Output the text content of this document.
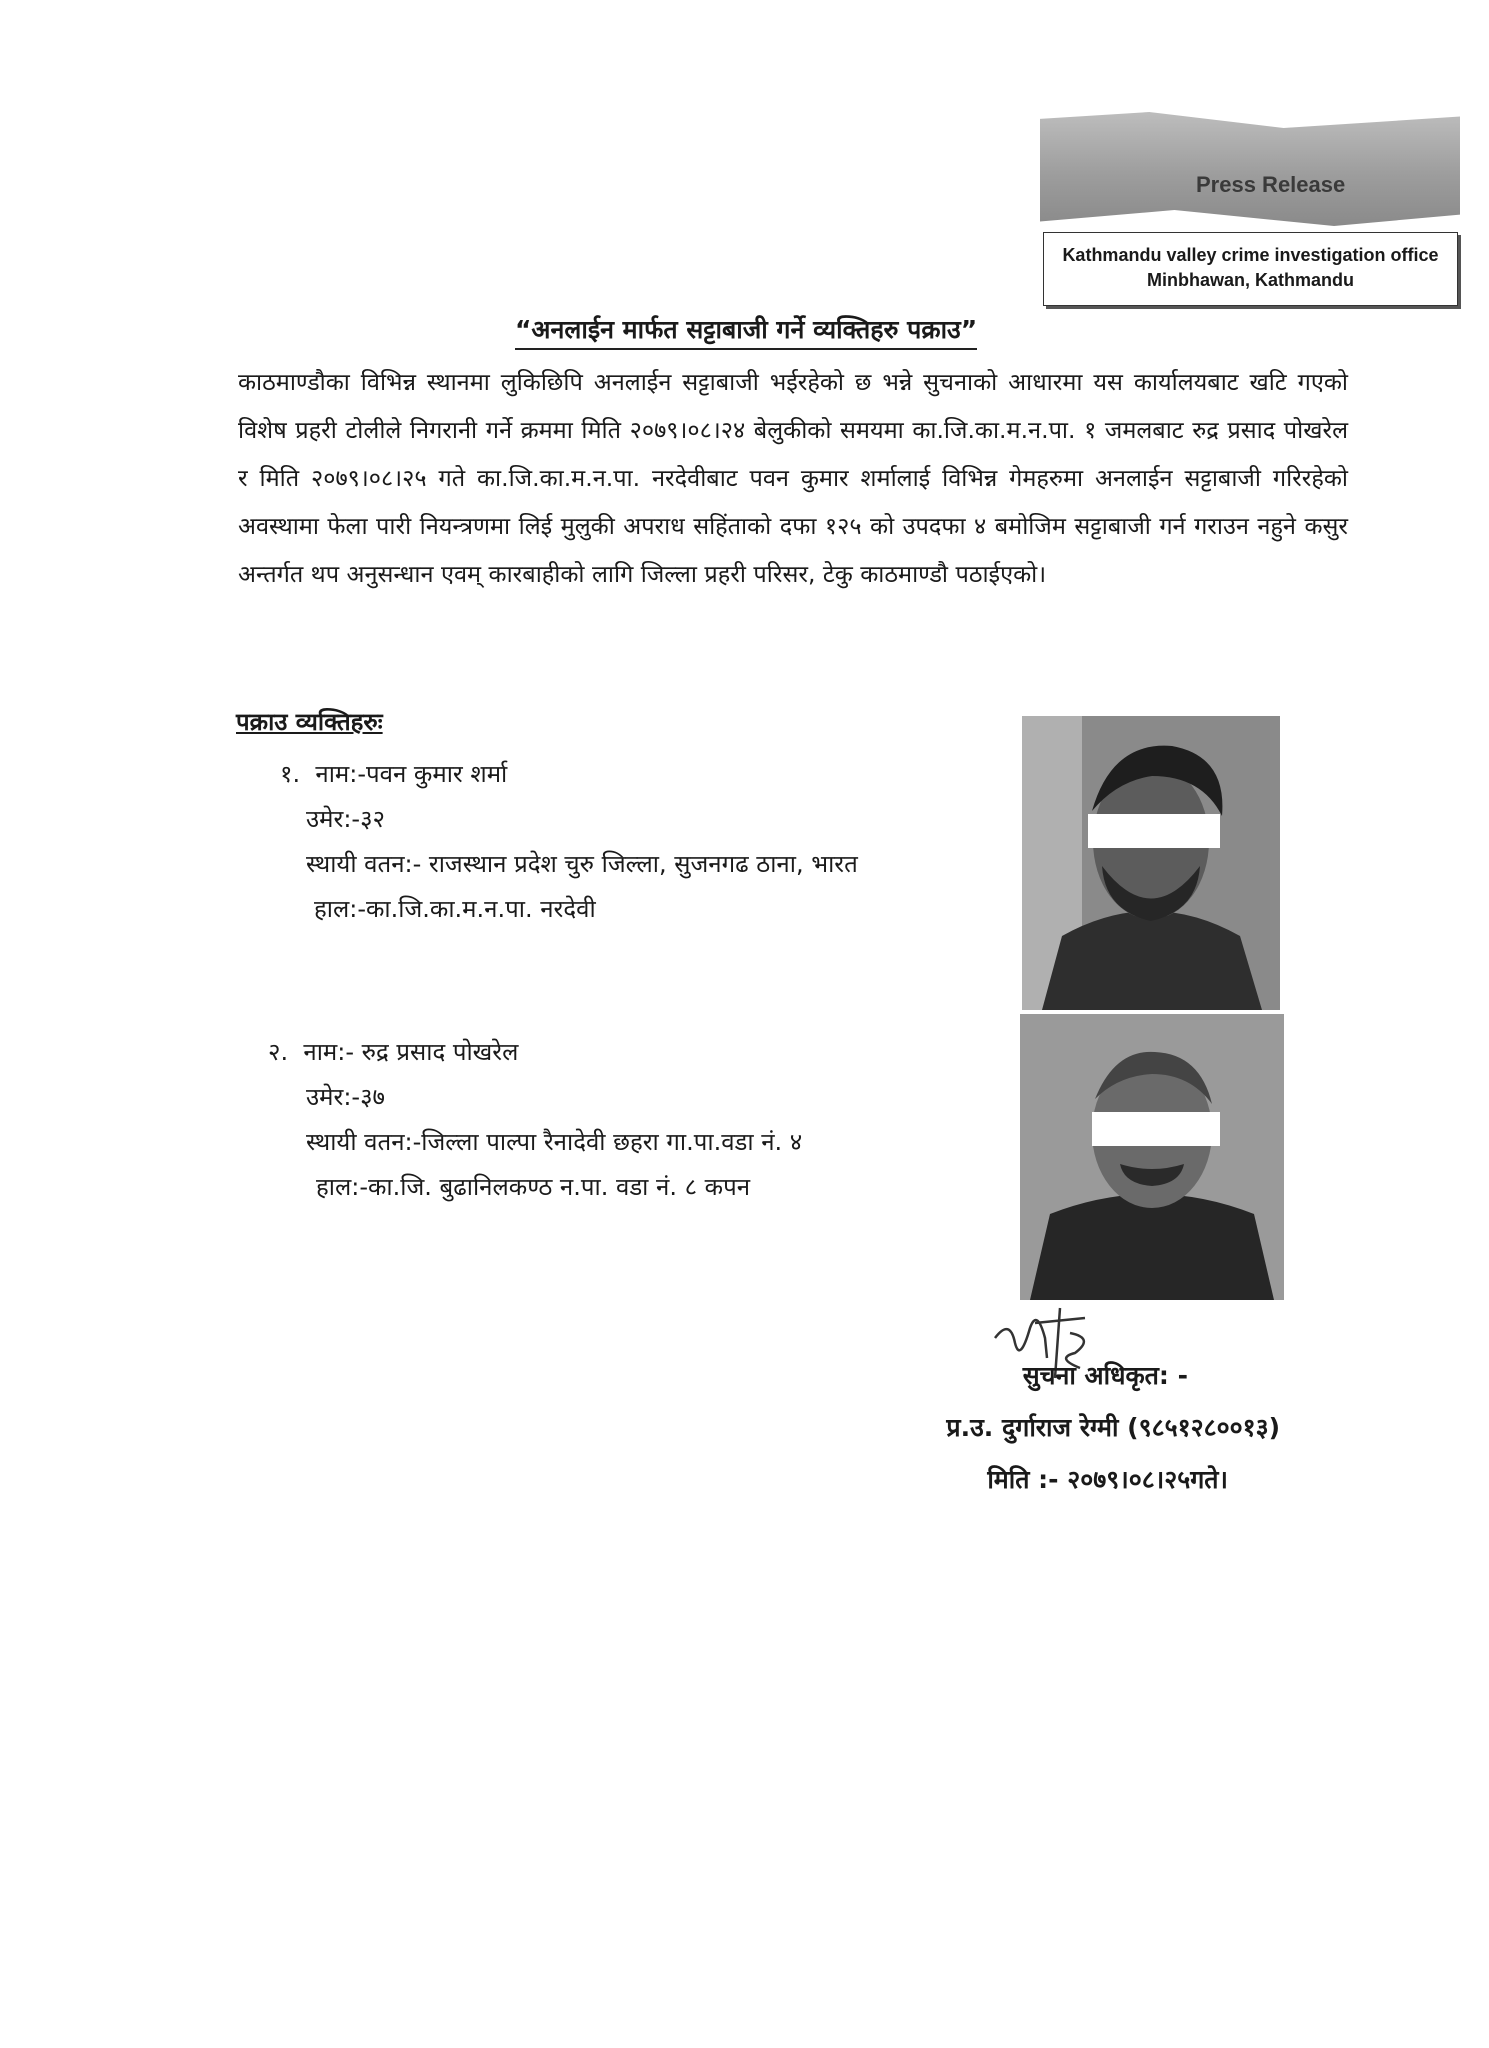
Press Release
Kathmandu valley crime investigation office
Minbhawan, Kathmandu
“अनलाईन मार्फत सट्टाबाजी गर्ने व्यक्तिहरु पक्राउ”
काठमाण्डौका विभिन्न स्थानमा लुकिछिपि अनलाईन सट्टाबाजी भईरहेको छ भन्ने सुचनाको आधारमा यस कार्यालयबाट खटि गएको विशेष प्रहरी टोलीले निगरानी गर्ने क्रममा मिति २०७९।०८।२४ बेलुकीको समयमा का.जि.का.म.न.पा. १ जमलबाट रुद्र प्रसाद पोखरेल र मिति २०७९।०८।२५ गते का.जि.का.म.न.पा. नरदेवीबाट पवन कुमार शर्मालाई विभिन्न गेमहरुमा अनलाईन सट्टाबाजी गरिरहेको अवस्थामा फेला पारी नियन्त्रणमा लिई मुलुकी अपराध सहिंताको दफा १२५ को उपदफा ४ बमोजिम सट्टाबाजी गर्न गराउन नहुने कसुर अन्तर्गत थप अनुसन्धान एवम् कारबाहीको लागि जिल्ला प्रहरी परिसर, टेकु काठमाण्डौ पठाईएको।
पक्राउ व्यक्तिहरुः
१. नाम:-पवन कुमार शर्मा
उमेर:-३२
स्थायी वतन:- राजस्थान प्रदेश चुरु जिल्ला, सुजनगढ ठाना, भारत
हाल:-का.जि.का.म.न.पा. नरदेवी
२. नाम:- रुद्र प्रसाद पोखरेल
उमेर:-३७
स्थायी वतन:-जिल्ला पाल्पा रैनादेवी छहरा गा.पा.वडा नं. ४
हाल:-का.जि. बुढानिलकण्ठ न.पा. वडा नं. ८ कपन
सुचना अधिकृत: -
प्र.उ. दुर्गाराज रेग्मी (९८५१२८००१३)
मिति :- २०७९।०८।२५गते।
